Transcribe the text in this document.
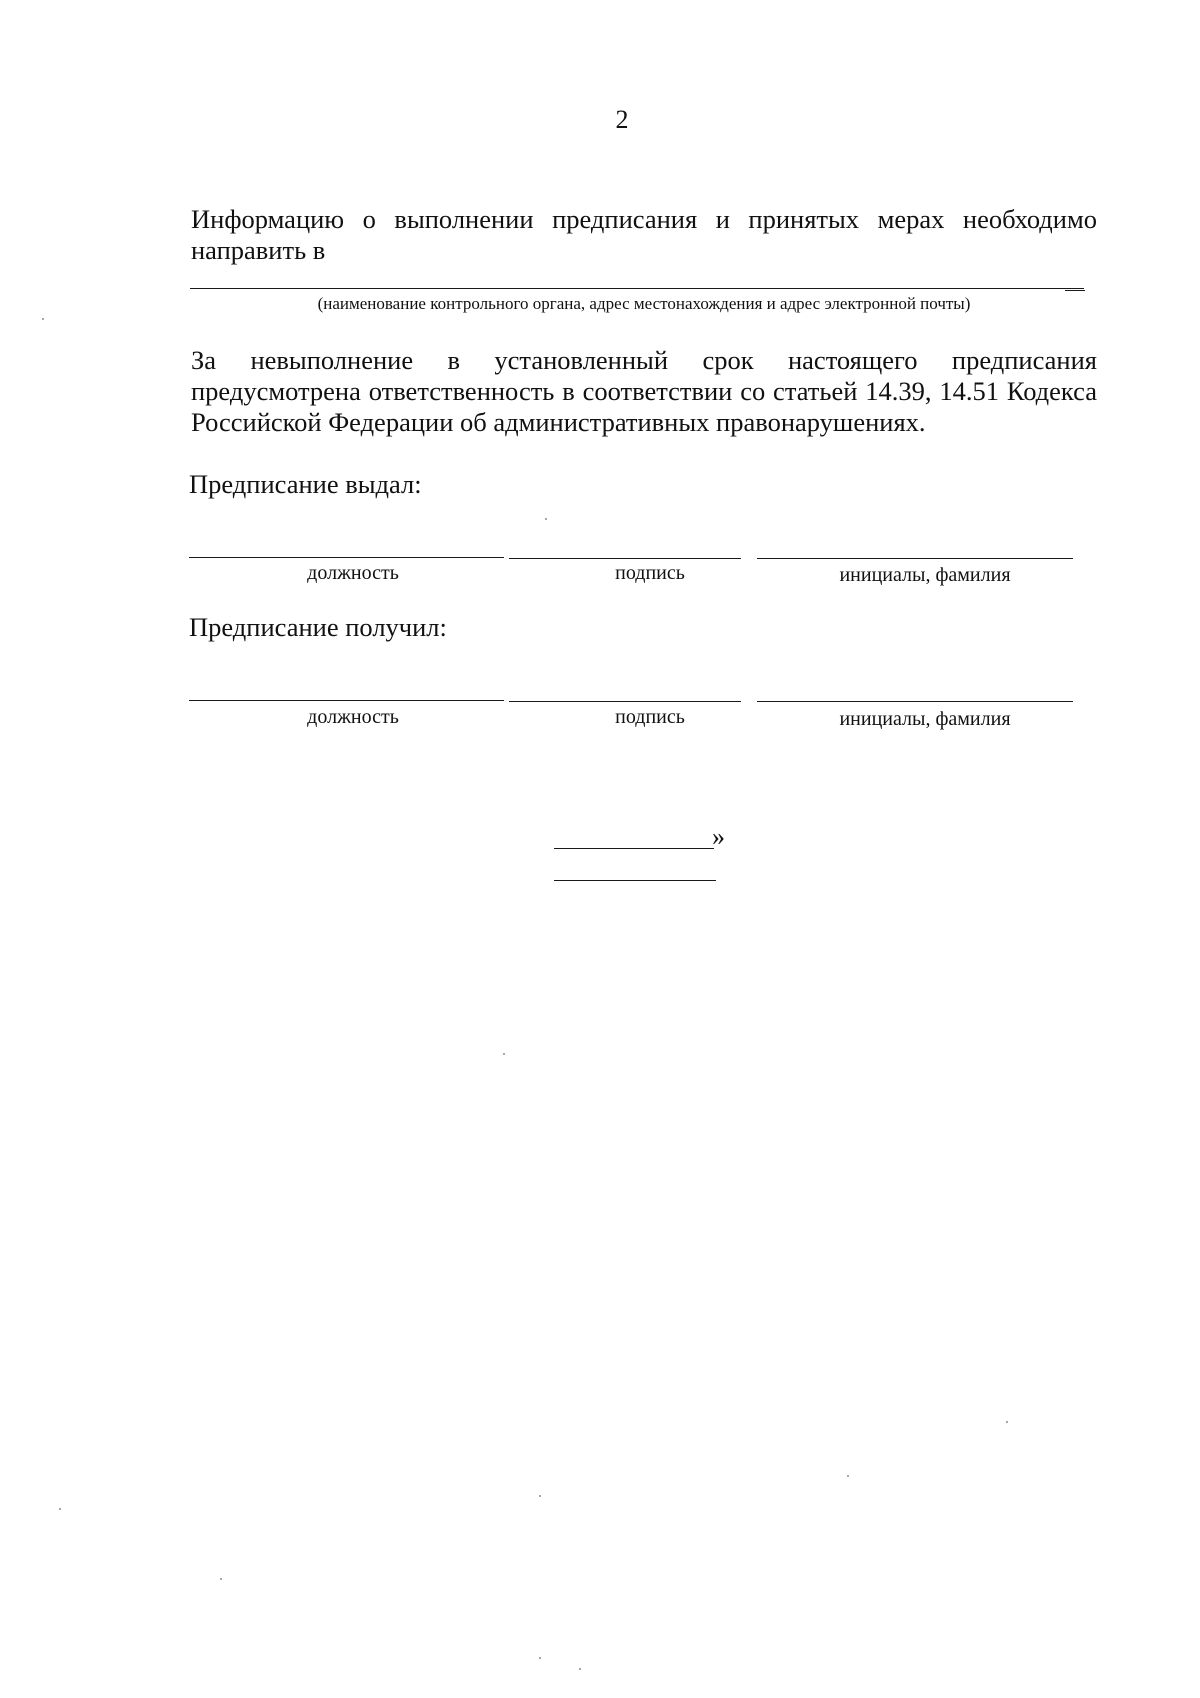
2
Информацию о выполнении предписания и принятых мерах необходимо направить в
(наименование контрольного органа, адрес местонахождения и адрес электронной почты)
За невыполнение в установленный срок настоящего предписания предусмотрена ответственность в соответствии со статьей 14.39, 14.51 Кодекса Российской Федерации об административных правонарушениях.
Предписание выдал:
должность	подпись	инициалы, фамилия
Предписание получил:
должность	подпись	инициалы, фамилия
»
